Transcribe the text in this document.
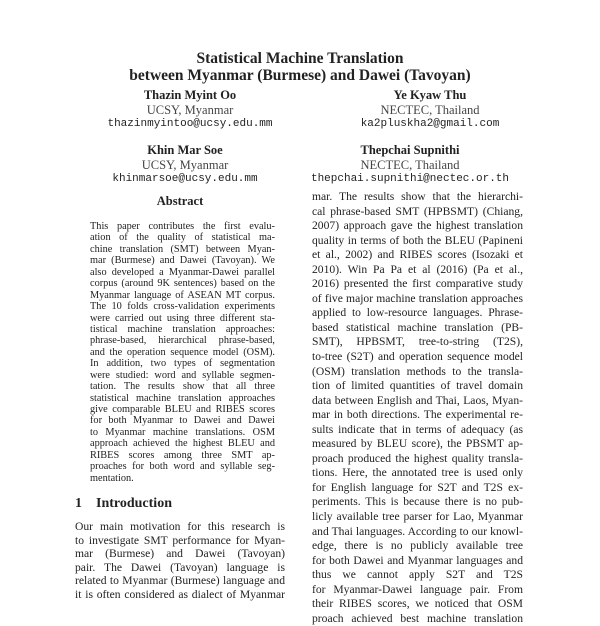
Statistical Machine Translation
between Myanmar (Burmese) and Dawei (Tavoyan)
Thazin Myint Oo
UCSY, Myanmar
thazinmyintoo@ucsy.edu.mm
Ye Kyaw Thu
NECTEC, Thailand
ka2pluskha2@gmail.com
Khin Mar Soe
UCSY, Myanmar
khinmarsoe@ucsy.edu.mm
Thepchai Supnithi
NECTEC, Thailand
thepchai.supnithi@nectec.or.th
Abstract
This paper contributes the first evalu-
ation of the quality of statistical ma-
chine translation (SMT) between Myan-
mar (Burmese) and Dawei (Tavoyan). We
also developed a Myanmar-Dawei parallel
corpus (around 9K sentences) based on the
Myanmar language of ASEAN MT corpus.
The 10 folds cross-validation experiments
were carried out using three different sta-
tistical machine translation approaches:
phrase-based, hierarchical phrase-based,
and the operation sequence model (OSM).
In addition, two types of segmentation
were studied: word and syllable segmen-
tation. The results show that all three
statistical machine translation approaches
give comparable BLEU and RIBES scores
for both Myanmar to Dawei and Dawei
to Myanmar machine translations. OSM
approach achieved the highest BLEU and
RIBES scores among three SMT ap-
proaches for both word and syllable seg-
mentation.
1 Introduction
Our main motivation for this research is
to investigate SMT performance for Myan-
mar (Burmese) and Dawei (Tavoyan)
pair. The Dawei (Tavoyan) language is
related to Myanmar (Burmese) language and
it is often considered as dialect of Myanmar
mar. The results show that the hierarchi-
cal phrase-based SMT (HPBSMT) (Chiang,
2007) approach gave the highest translation
quality in terms of both the BLEU (Papineni
et al., 2002) and RIBES scores (Isozaki et
2010). Win Pa Pa et al (2016) (Pa et al.,
2016) presented the first comparative study
of five major machine translation approaches
applied to low-resource languages. Phrase-
based statistical machine translation (PB-
SMT), HPBSMT, tree-to-string (T2S),
to-tree (S2T) and operation sequence model
(OSM) translation methods to the transla-
tion of limited quantities of travel domain
data between English and Thai, Laos, Myan-
mar in both directions. The experimental re-
sults indicate that in terms of adequacy (as
measured by BLEU score), the PBSMT ap-
proach produced the highest quality transla-
tions. Here, the annotated tree is used only
for English language for S2T and T2S ex-
periments. This is because there is no pub-
licly available tree parser for Lao, Myanmar
and Thai languages. According to our knowl-
edge, there is no publicly available tree
for both Dawei and Myanmar languages and
thus we cannot apply S2T and T2S
for Myanmar-Dawei language pair. From
their RIBES scores, we noticed that OSM
proach achieved best machine translation
